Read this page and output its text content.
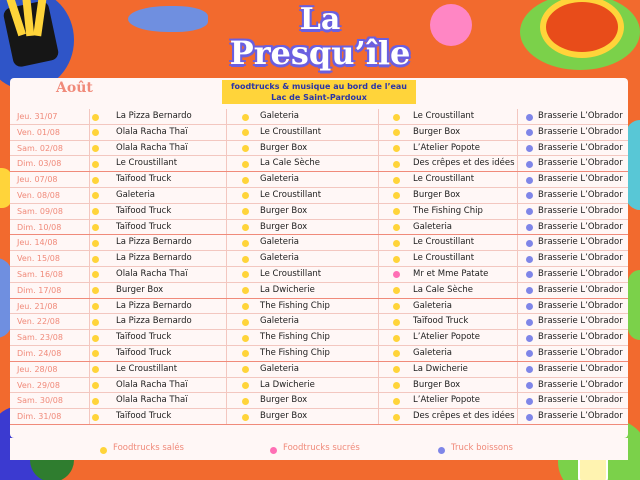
La
Presqu’île
Août	foodtrucks & musique au bord de l’eau
Lac de Saint-Pardoux
Jeu. 31/07	La Pizza Bernardo	Galeteria	Le Croustillant	Brasserie L’Obrador
Ven. 01/08	Olala Racha Thaï	Le Croustillant	Burger Box	Brasserie L’Obrador
Sam. 02/08	Olala Racha Thaï	Burger Box	L’Atelier Popote	Brasserie L’Obrador
Dim. 03/08	Le Croustillant	La Cale Sèche	Des crêpes et des idées	Brasserie L’Obrador
Jeu. 07/08	Taïfood Truck	Galeteria	Le Croustillant	Brasserie L’Obrador
Ven. 08/08	Galeteria	Le Croustillant	Burger Box	Brasserie L’Obrador
Sam. 09/08	Taïfood Truck	Burger Box	The Fishing Chip	Brasserie L’Obrador
Dim. 10/08	Taïfood Truck	Burger Box	Galeteria	Brasserie L’Obrador
Jeu. 14/08	La Pizza Bernardo	Galeteria	Le Croustillant	Brasserie L’Obrador
Ven. 15/08	La Pizza Bernardo	Galeteria	Le Croustillant	Brasserie L’Obrador
Sam. 16/08	Olala Racha Thaï	Le Croustillant	Mr et Mme Patate	Brasserie L’Obrador
Dim. 17/08	Burger Box	La Dwicherie	La Cale Sèche	Brasserie L’Obrador
Jeu. 21/08	La Pizza Bernardo	The Fishing Chip	Galeteria	Brasserie L’Obrador
Ven. 22/08	La Pizza Bernardo	Galeteria	Taïfood Truck	Brasserie L’Obrador
Sam. 23/08	Taïfood Truck	The Fishing Chip	L’Atelier Popote	Brasserie L’Obrador
Dim. 24/08	Taïfood Truck	The Fishing Chip	Galeteria	Brasserie L’Obrador
Jeu. 28/08	Le Croustillant	Galeteria	La Dwicherie	Brasserie L’Obrador
Ven. 29/08	Olala Racha Thaï	La Dwicherie	Burger Box	Brasserie L’Obrador
Sam. 30/08	Olala Racha Thaï	Burger Box	L’Atelier Popote	Brasserie L’Obrador
Dim. 31/08	Taïfood Truck	Burger Box	Des crêpes et des idées	Brasserie L’Obrador
Foodtrucks salés	Foodtrucks sucrés	Truck boissons
